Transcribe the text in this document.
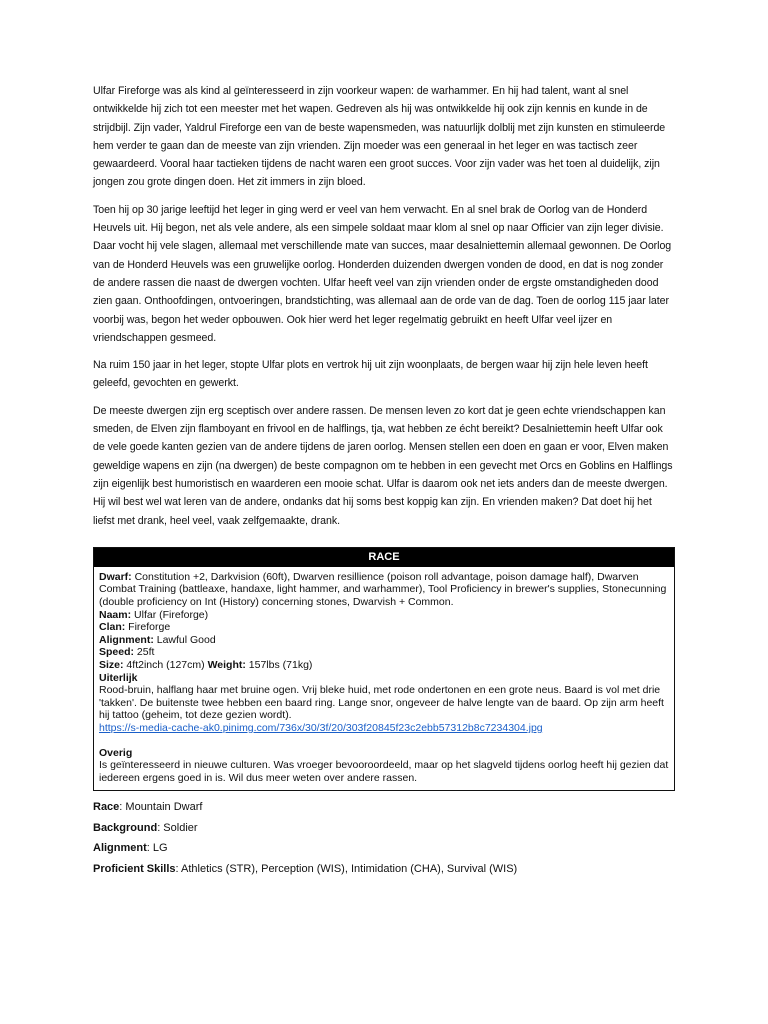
Ulfar Fireforge was als kind al geïnteresseerd in zijn voorkeur wapen: de warhammer. En hij had talent, want al snel ontwikkelde hij zich tot een meester met het wapen. Gedreven als hij was ontwikkelde hij ook zijn kennis en kunde in de strijdbijl. Zijn vader, Yaldrul Fireforge een van de beste wapensmeden, was natuurlijk dolblij met zijn kunsten en stimuleerde hem verder te gaan dan de meeste van zijn vrienden. Zijn moeder was een generaal in het leger en was tactisch zeer gewaardeerd. Vooral haar tactieken tijdens de nacht waren een groot succes. Voor zijn vader was het toen al duidelijk, zijn jongen zou grote dingen doen. Het zit immers in zijn bloed.

Toen hij op 30 jarige leeftijd het leger in ging werd er veel van hem verwacht. En al snel brak de Oorlog van de Honderd Heuvels uit. Hij begon, net als vele andere, als een simpele soldaat maar klom al snel op naar Officier van zijn leger divisie. Daar vocht hij vele slagen, allemaal met verschillende mate van succes, maar desalniettemin allemaal gewonnen. De Oorlog van de Honderd Heuvels was een gruwelijke oorlog. Honderden duizenden dwergen vonden de dood, en dat is nog zonder de andere rassen die naast de dwergen vochten. Ulfar heeft veel van zijn vrienden onder de ergste omstandigheden dood zien gaan. Onthoofdingen, ontvoeringen, brandstichting, was allemaal aan de orde van de dag. Toen de oorlog 115 jaar later voorbij was, begon het weder opbouwen. Ook hier werd het leger regelmatig gebruikt en heeft Ulfar veel ijzer en vriendschappen gesmeed.

Na ruim 150 jaar in het leger, stopte Ulfar plots en vertrok hij uit zijn woonplaats, de bergen waar hij zijn hele leven heeft geleefd, gevochten en gewerkt.

De meeste dwergen zijn erg sceptisch over andere rassen. De mensen leven zo kort dat je geen echte vriendschappen kan smeden, de Elven zijn flamboyant en frivool en de halflings, tja, wat hebben ze écht bereikt? Desalniettemin heeft Ulfar ook de vele goede kanten gezien van de andere tijdens de jaren oorlog. Mensen stellen een doen en gaan er voor, Elven maken geweldige wapens en zijn (na dwergen) de beste compagnon om te hebben in een gevecht met Orcs en Goblins en Halflings zijn eigenlijk best humoristisch en waarderen een mooie schat. Ulfar is daarom ook net iets anders dan de meeste dwergen. Hij wil best wel wat leren van de andere, ondanks dat hij soms best koppig kan zijn. En vrienden maken? Dat doet hij het liefst met drank, heel veel, vaak zelfgemaakte, drank.

RACE
Dwarf: Constitution +2, Darkvision (60ft), Dwarven resillience (poison roll advantage, poison damage half), Dwarven Combat Training (battleaxe, handaxe, light hammer, and warhammer), Tool Proficiency in brewer's supplies, Stonecunning (double proficiency on Int (History) concerning stones, Dwarvish + Common.
Naam: Ulfar (Fireforge)
Clan: Fireforge
Alignment: Lawful Good
Speed: 25ft
Size: 4ft2inch (127cm) Weight: 157lbs (71kg)
Uiterlijk
Rood-bruin, halflang haar met bruine ogen. Vrij bleke huid, met rode ondertonen en een grote neus. Baard is vol met drie 'takken'. De buitenste twee hebben een baard ring. Lange snor, ongeveer de halve lengte van de baard. Op zijn arm heeft hij tattoo (geheim, tot deze gezien wordt).
https://s-media-cache-ak0.pinimg.com/736x/30/3f/20/303f20845f23c2ebb57312b8c7234304.jpg
Overig
Is geïnteresseerd in nieuwe culturen. Was vroeger bevooroordeeld, maar op het slagveld tijdens oorlog heeft hij gezien dat iedereen ergens goed in is. Wil dus meer weten over andere rassen.
Race: Mountain Dwarf
Background: Soldier
Alignment: LG
Proficient Skills: Athletics (STR), Perception (WIS), Intimidation (CHA), Survival (WIS)
